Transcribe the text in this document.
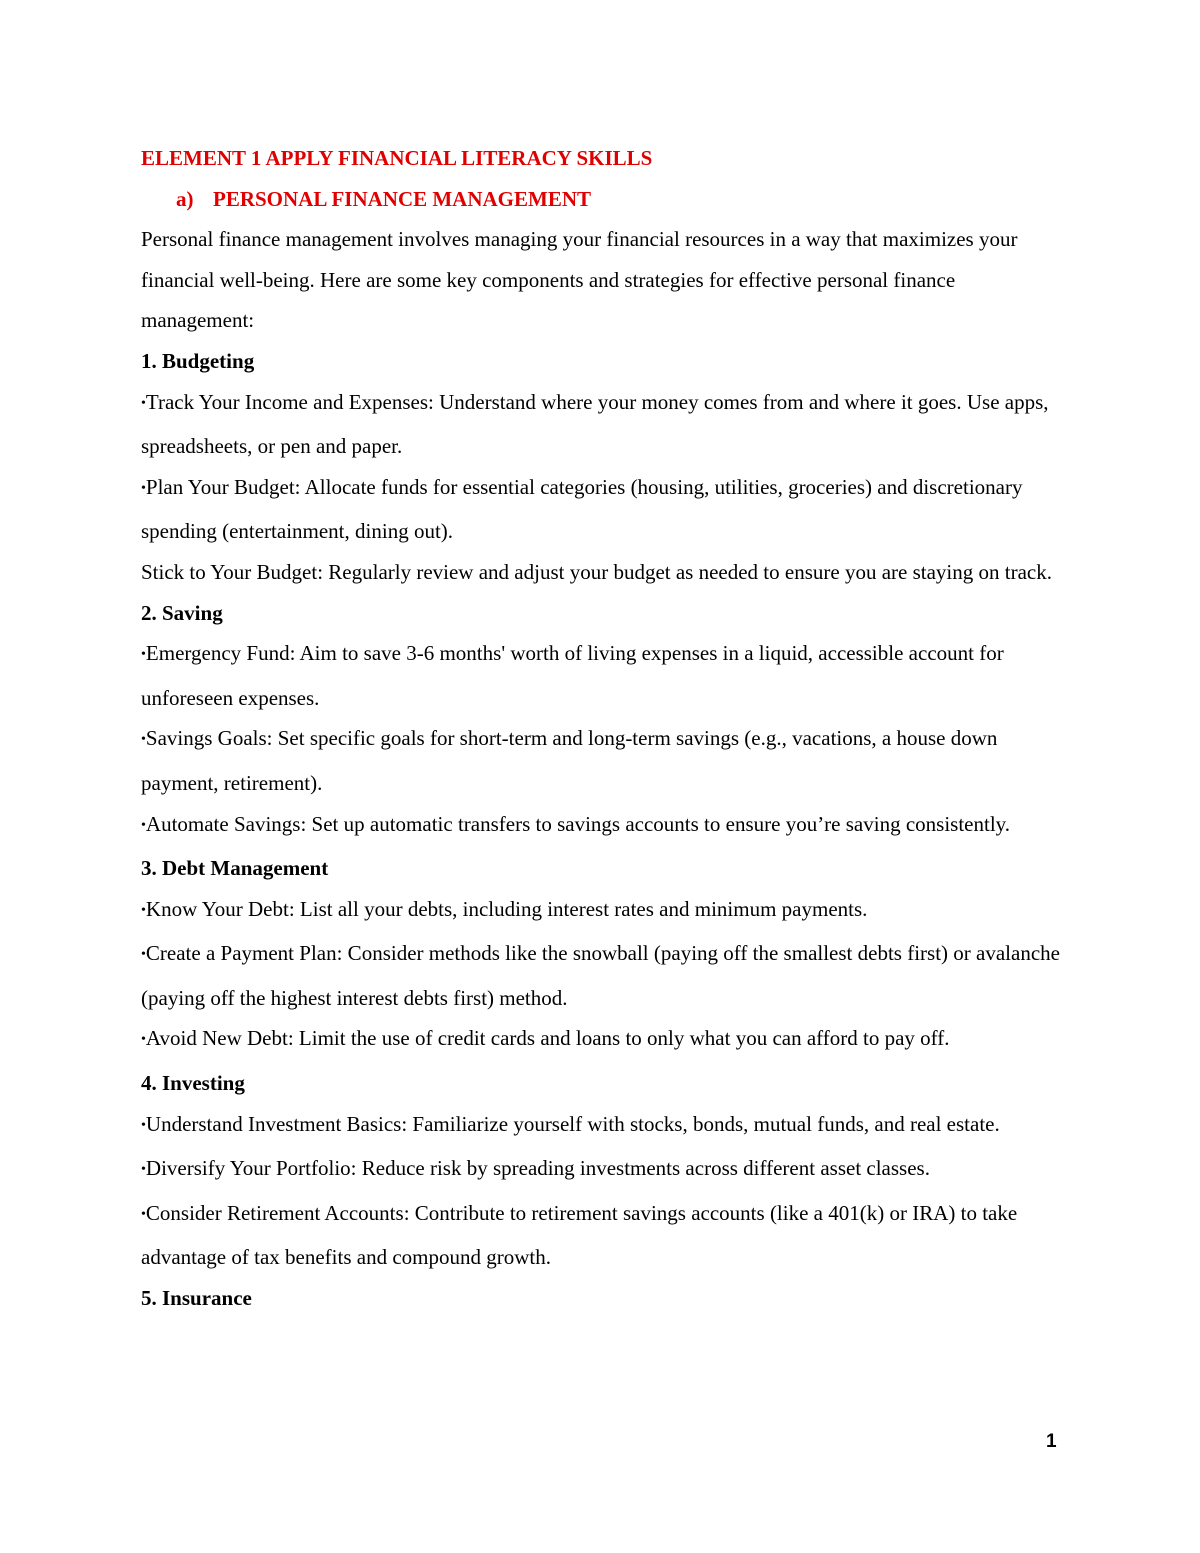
ELEMENT 1 APPLY FINANCIAL LITERACY SKILLS

a) PERSONAL FINANCE MANAGEMENT

Personal finance management involves managing your financial resources in a way that maximizes your financial well-being. Here are some key components and strategies for effective personal finance management:

1. Budgeting

•Track Your Income and Expenses: Understand where your money comes from and where it goes. Use apps, spreadsheets, or pen and paper.

•Plan Your Budget: Allocate funds for essential categories (housing, utilities, groceries) and discretionary spending (entertainment, dining out).

Stick to Your Budget: Regularly review and adjust your budget as needed to ensure you are staying on track.

2. Saving

•Emergency Fund: Aim to save 3-6 months' worth of living expenses in a liquid, accessible account for unforeseen expenses.

•Savings Goals: Set specific goals for short-term and long-term savings (e.g., vacations, a house down payment, retirement).

•Automate Savings: Set up automatic transfers to savings accounts to ensure you’re saving consistently.

3. Debt Management

•Know Your Debt: List all your debts, including interest rates and minimum payments.

•Create a Payment Plan: Consider methods like the snowball (paying off the smallest debts first) or avalanche (paying off the highest interest debts first) method.

•Avoid New Debt: Limit the use of credit cards and loans to only what you can afford to pay off.

4. Investing

•Understand Investment Basics: Familiarize yourself with stocks, bonds, mutual funds, and real estate.

•Diversify Your Portfolio: Reduce risk by spreading investments across different asset classes.

•Consider Retirement Accounts: Contribute to retirement savings accounts (like a 401(k) or IRA) to take advantage of tax benefits and compound growth.

5. Insurance

1
